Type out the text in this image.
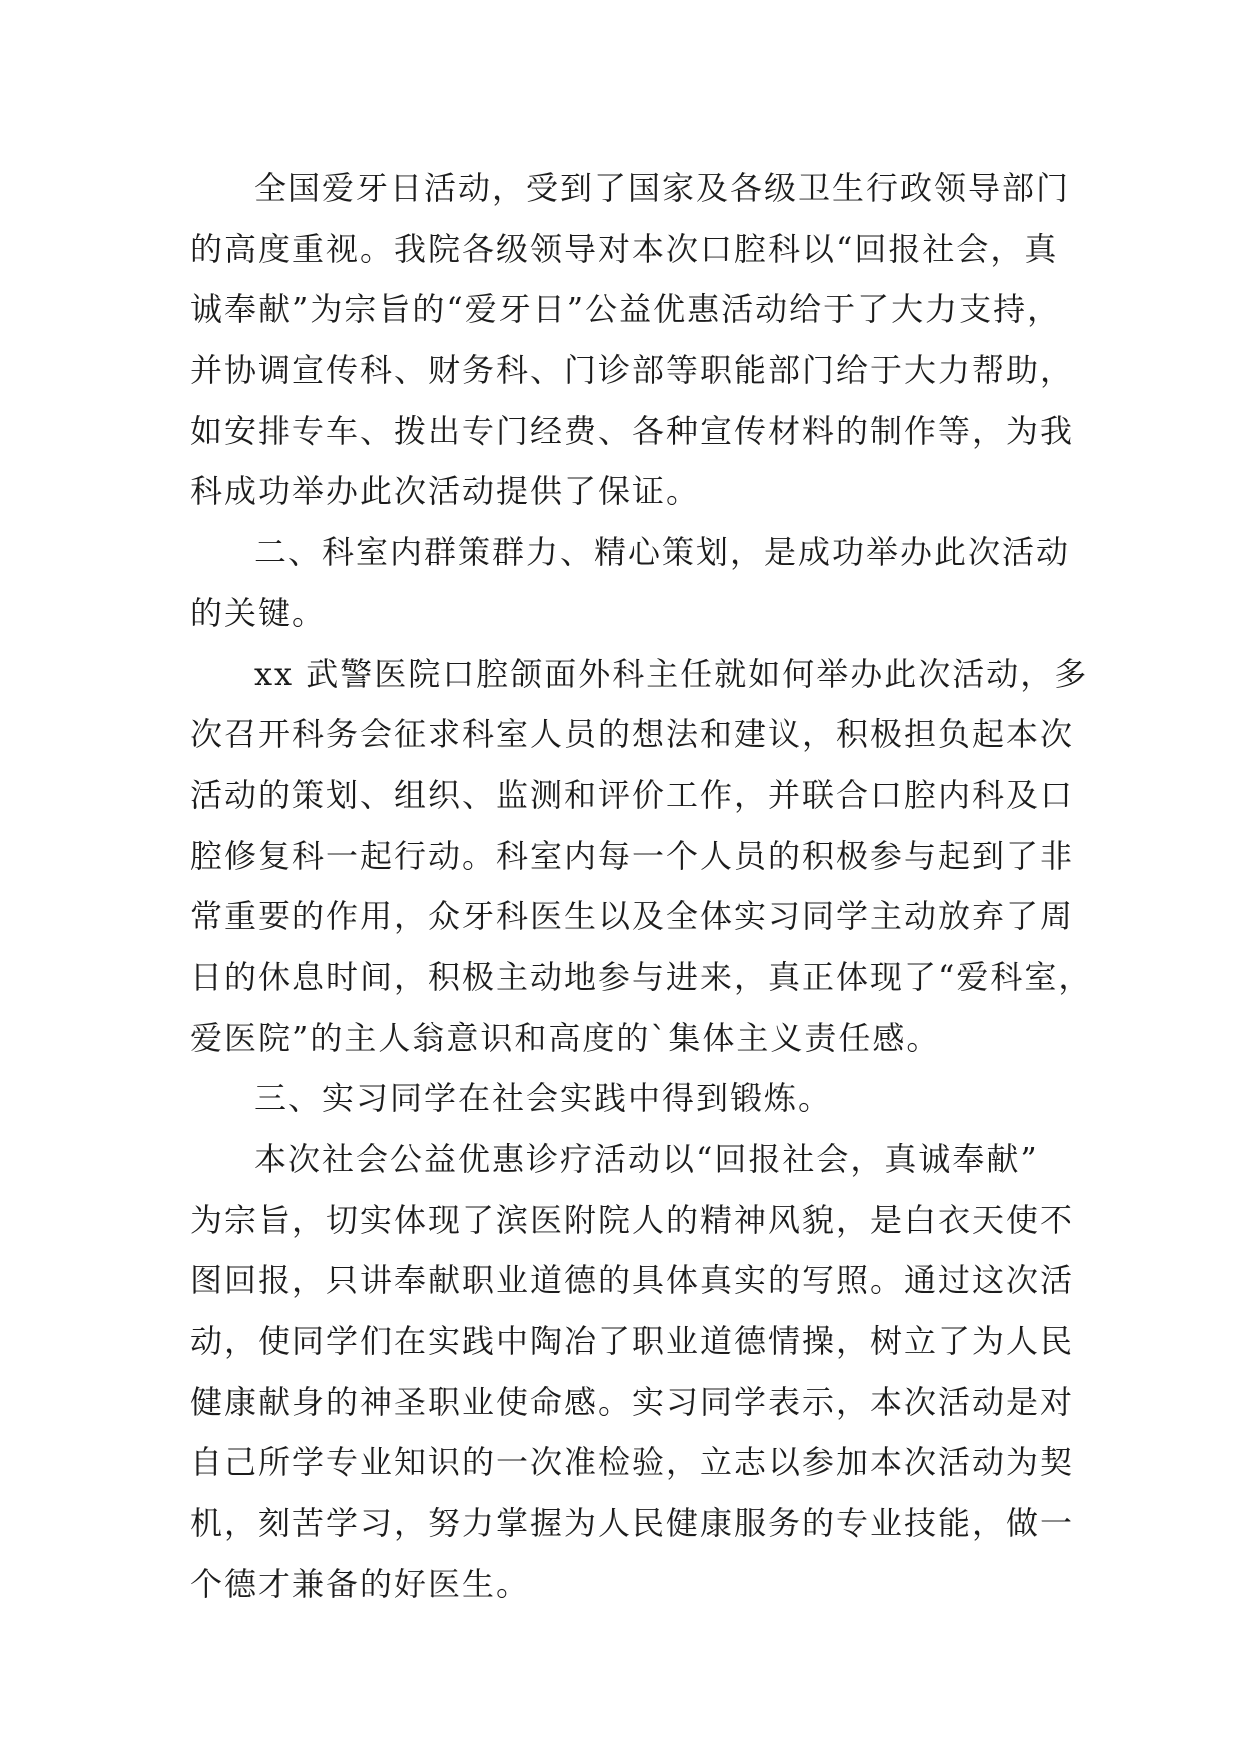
全国爱牙日活动，受到了国家及各级卫生行政领导部门
的高度重视。我院各级领导对本次口腔科以“回报社会，真
诚奉献”为宗旨的“爱牙日”公益优惠活动给于了大力支持，
并协调宣传科、财务科、门诊部等职能部门给于大力帮助，
如安排专车、拨出专门经费、各种宣传材料的制作等，为我
科成功举办此次活动提供了保证。
二、科室内群策群力、精心策划，是成功举办此次活动
的关键。
xx 武警医院口腔颌面外科主任就如何举办此次活动，多
次召开科务会征求科室人员的想法和建议，积极担负起本次
活动的策划、组织、监测和评价工作，并联合口腔内科及口
腔修复科一起行动。科室内每一个人员的积极参与起到了非
常重要的作用，众牙科医生以及全体实习同学主动放弃了周
日的休息时间，积极主动地参与进来，真正体现了“爱科室，
爱医院”的主人翁意识和高度的`集体主义责任感。
三、实习同学在社会实践中得到锻炼。
本次社会公益优惠诊疗活动以“回报社会，真诚奉献”
为宗旨，切实体现了滨医附院人的精神风貌，是白衣天使不
图回报，只讲奉献职业道德的具体真实的写照。通过这次活
动，使同学们在实践中陶冶了职业道德情操，树立了为人民
健康献身的神圣职业使命感。实习同学表示，本次活动是对
自己所学专业知识的一次准检验，立志以参加本次活动为契
机，刻苦学习，努力掌握为人民健康服务的专业技能，做一
个德才兼备的好医生。
